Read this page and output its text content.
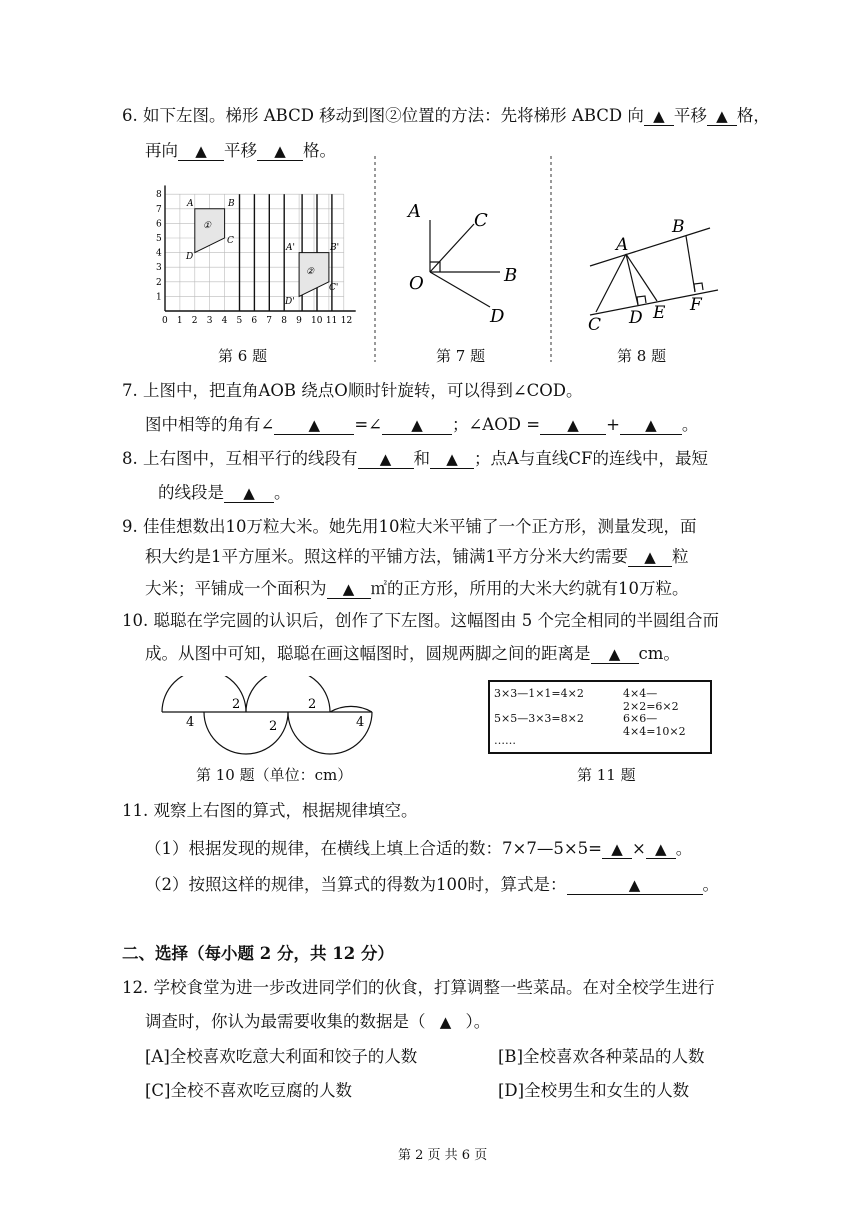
6. 如下左图。梯形 ABCD 移动到图②位置的方法：先将梯形 ABCD 向 ▲ 平移 ▲ 格，
再向 ▲ 平移 ▲ 格。
1
2
3
4
5
6
7
8
0 1 2 3 4 5 6 7 8 9 10 11 12
A	B
C
D
①
A'	B'
C'
D'
②
A	C
O	B
D
A
B
C D E F
第 6 题	第 7 题	第 8 题
7. 上图中，把直角AOB 绕点O顺时针旋转，可以得到∠COD。
图中相等的角有∠ ▲ =∠ ▲ ；∠AOD = ▲ + ▲ 。
8. 上右图中，互相平行的线段有 ▲ 和 ▲ ；点A与直线CF的连线中，最短
的线段是 ▲ 。
9. 佳佳想数出10万粒大米。她先用10粒大米平铺了一个正方形，测量发现，面
积大约是1平方厘米。照这样的平铺方法，铺满1平方分米大约需要 ▲ 粒
大米；平铺成一个面积为 ▲ ㎡的正方形，所用的大米大约就有10万粒。
10. 聪聪在学完圆的认识后，创作了下左图。这幅图由 5 个完全相同的半圆组合而
成。从图中可知，聪聪在画这幅图时，圆规两脚之间的距离是 ▲ cm。
4
2
2
2
4
第 10 题（单位：cm）
3×3—1×1=4×2	4×4—2×2=6×2
5×5—3×3=8×2	6×6—4×4=10×2
……
第 11 题
11. 观察上右图的算式，根据规律填空。
（1）根据发现的规律，在横线上填上合适的数：7×7—5×5= ▲ × ▲ 。
（2）按照这样的规律，当算式的得数为100时，算式是：	▲	。
二、选择（每小题 2 分，共 12 分）
12. 学校食堂为进一步改进同学们的伙食，打算调整一些菜品。在对全校学生进行
调查时，你认为最需要收集的数据是（ ▲ ）。
[A]全校喜欢吃意大利面和饺子的人数	[B]全校喜欢各种菜品的人数
[C]全校不喜欢吃豆腐的人数	[D]全校男生和女生的人数
第 2 页 共 6 页
